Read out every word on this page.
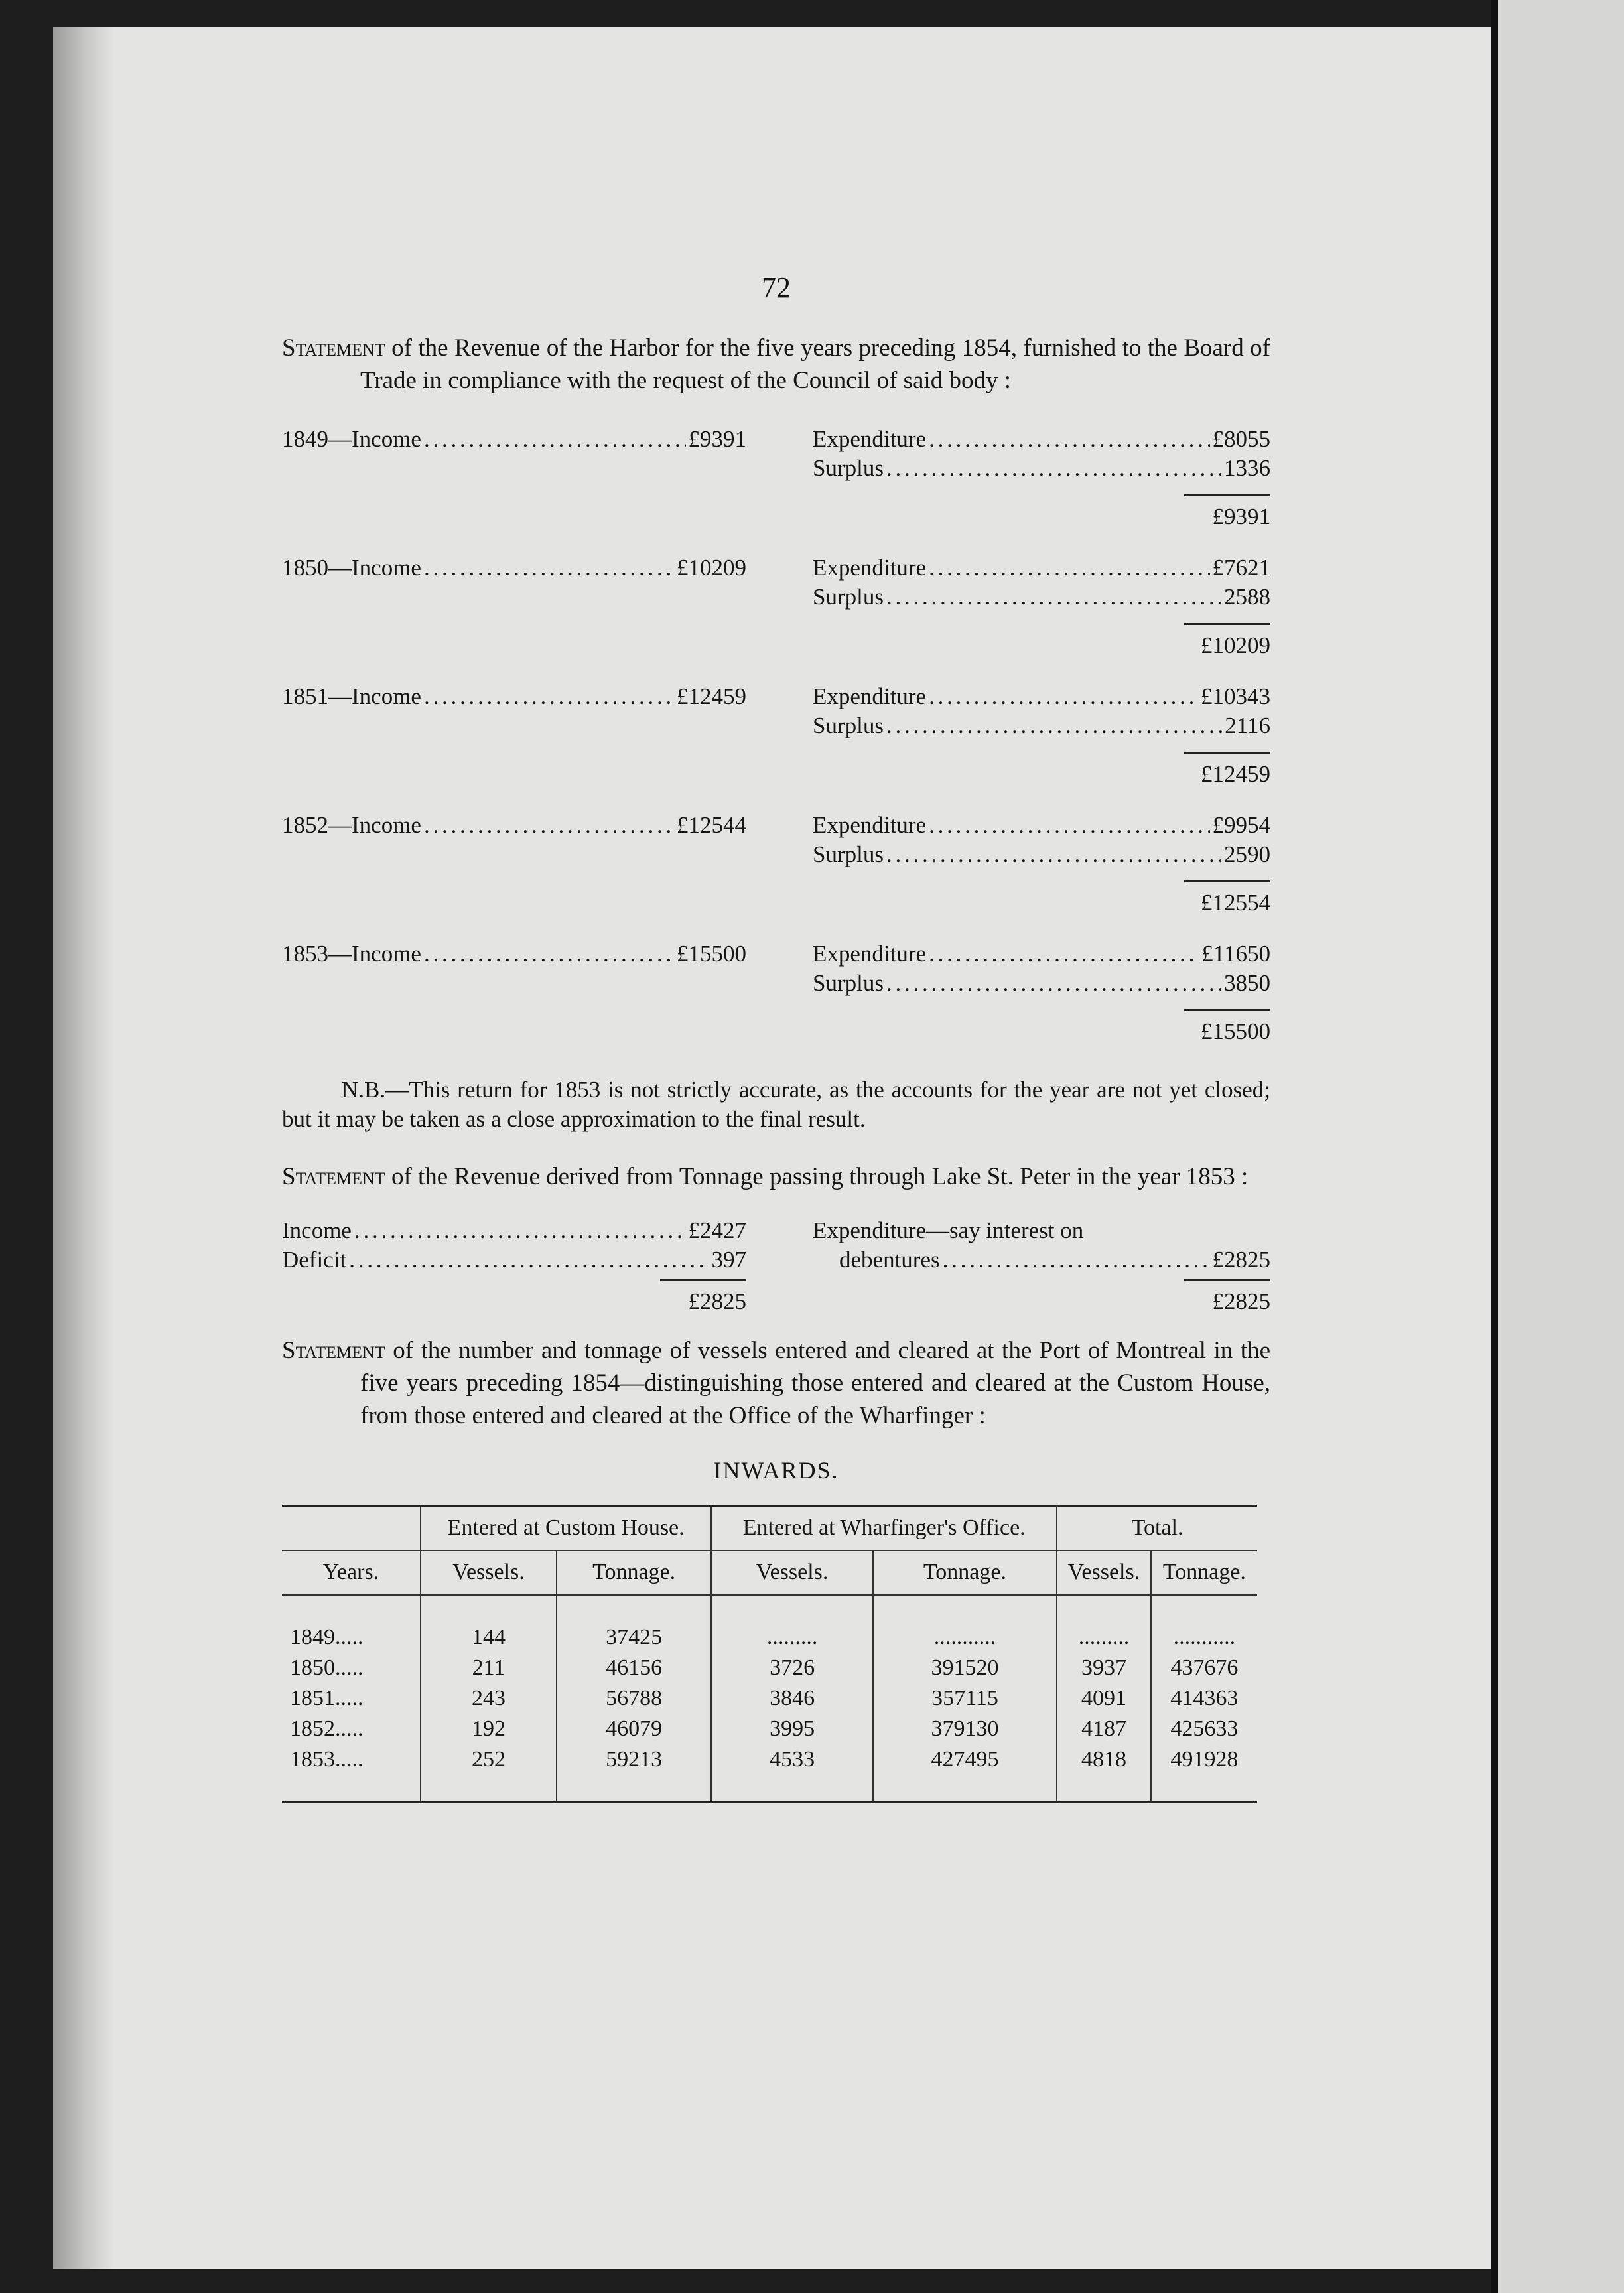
72

Statement of the Revenue of the Harbor for the five years preceding 1854, furnished to the Board of Trade in compliance with the request of the Council of said body :

1849—Income . . .	£9391	Expenditure . . .	£8055
Surplus . . .	1336
£9391
1850—Income . . .	£10209	Expenditure . . .	£7621
Surplus . . .	2588
£10209
1851—Income . . .	£12459	Expenditure . . .	£10343
Surplus . . .	2116
£12459
1852—Income . . .	£12544	Expenditure . . .	£9954
Surplus . . .	2590
£12554
1853—Income . . .	£15500	Expenditure . . .	£11650
Surplus . . .	3850
£15500

N.B.—This return for 1853 is not strictly accurate, as the accounts for the year are not yet closed; but it may be taken as a close approximation to the final result.

Statement of the Revenue derived from Tonnage passing through Lake St. Peter in the year 1853 :

Income . . .	£2427
Deficit . . .	397
£2825
Expenditure—say interest on
debentures . . .	£2825
£2825

Statement of the number and tonnage of vessels entered and cleared at the Port of Montreal in the five years preceding 1854—distinguishing those entered and cleared at the Custom House, from those entered and cleared at the Office of the Wharfinger :

INWARDS.
	Entered at Custom House.		Entered at Wharfinger's Office.		Total.	
Years.	Vessels.	Tonnage.	Vessels.	Tonnage.	Vessels.	Tonnage.
1849.....	144	37425	.........	...........	.........	...........
1850.....	211	46156	3726	391520	3937	437676
1851.....	243	56788	3846	357115	4091	414363
1852.....	192	46079	3995	379130	4187	425633
1853.....	252	59213	4533	427495	4818	491928
